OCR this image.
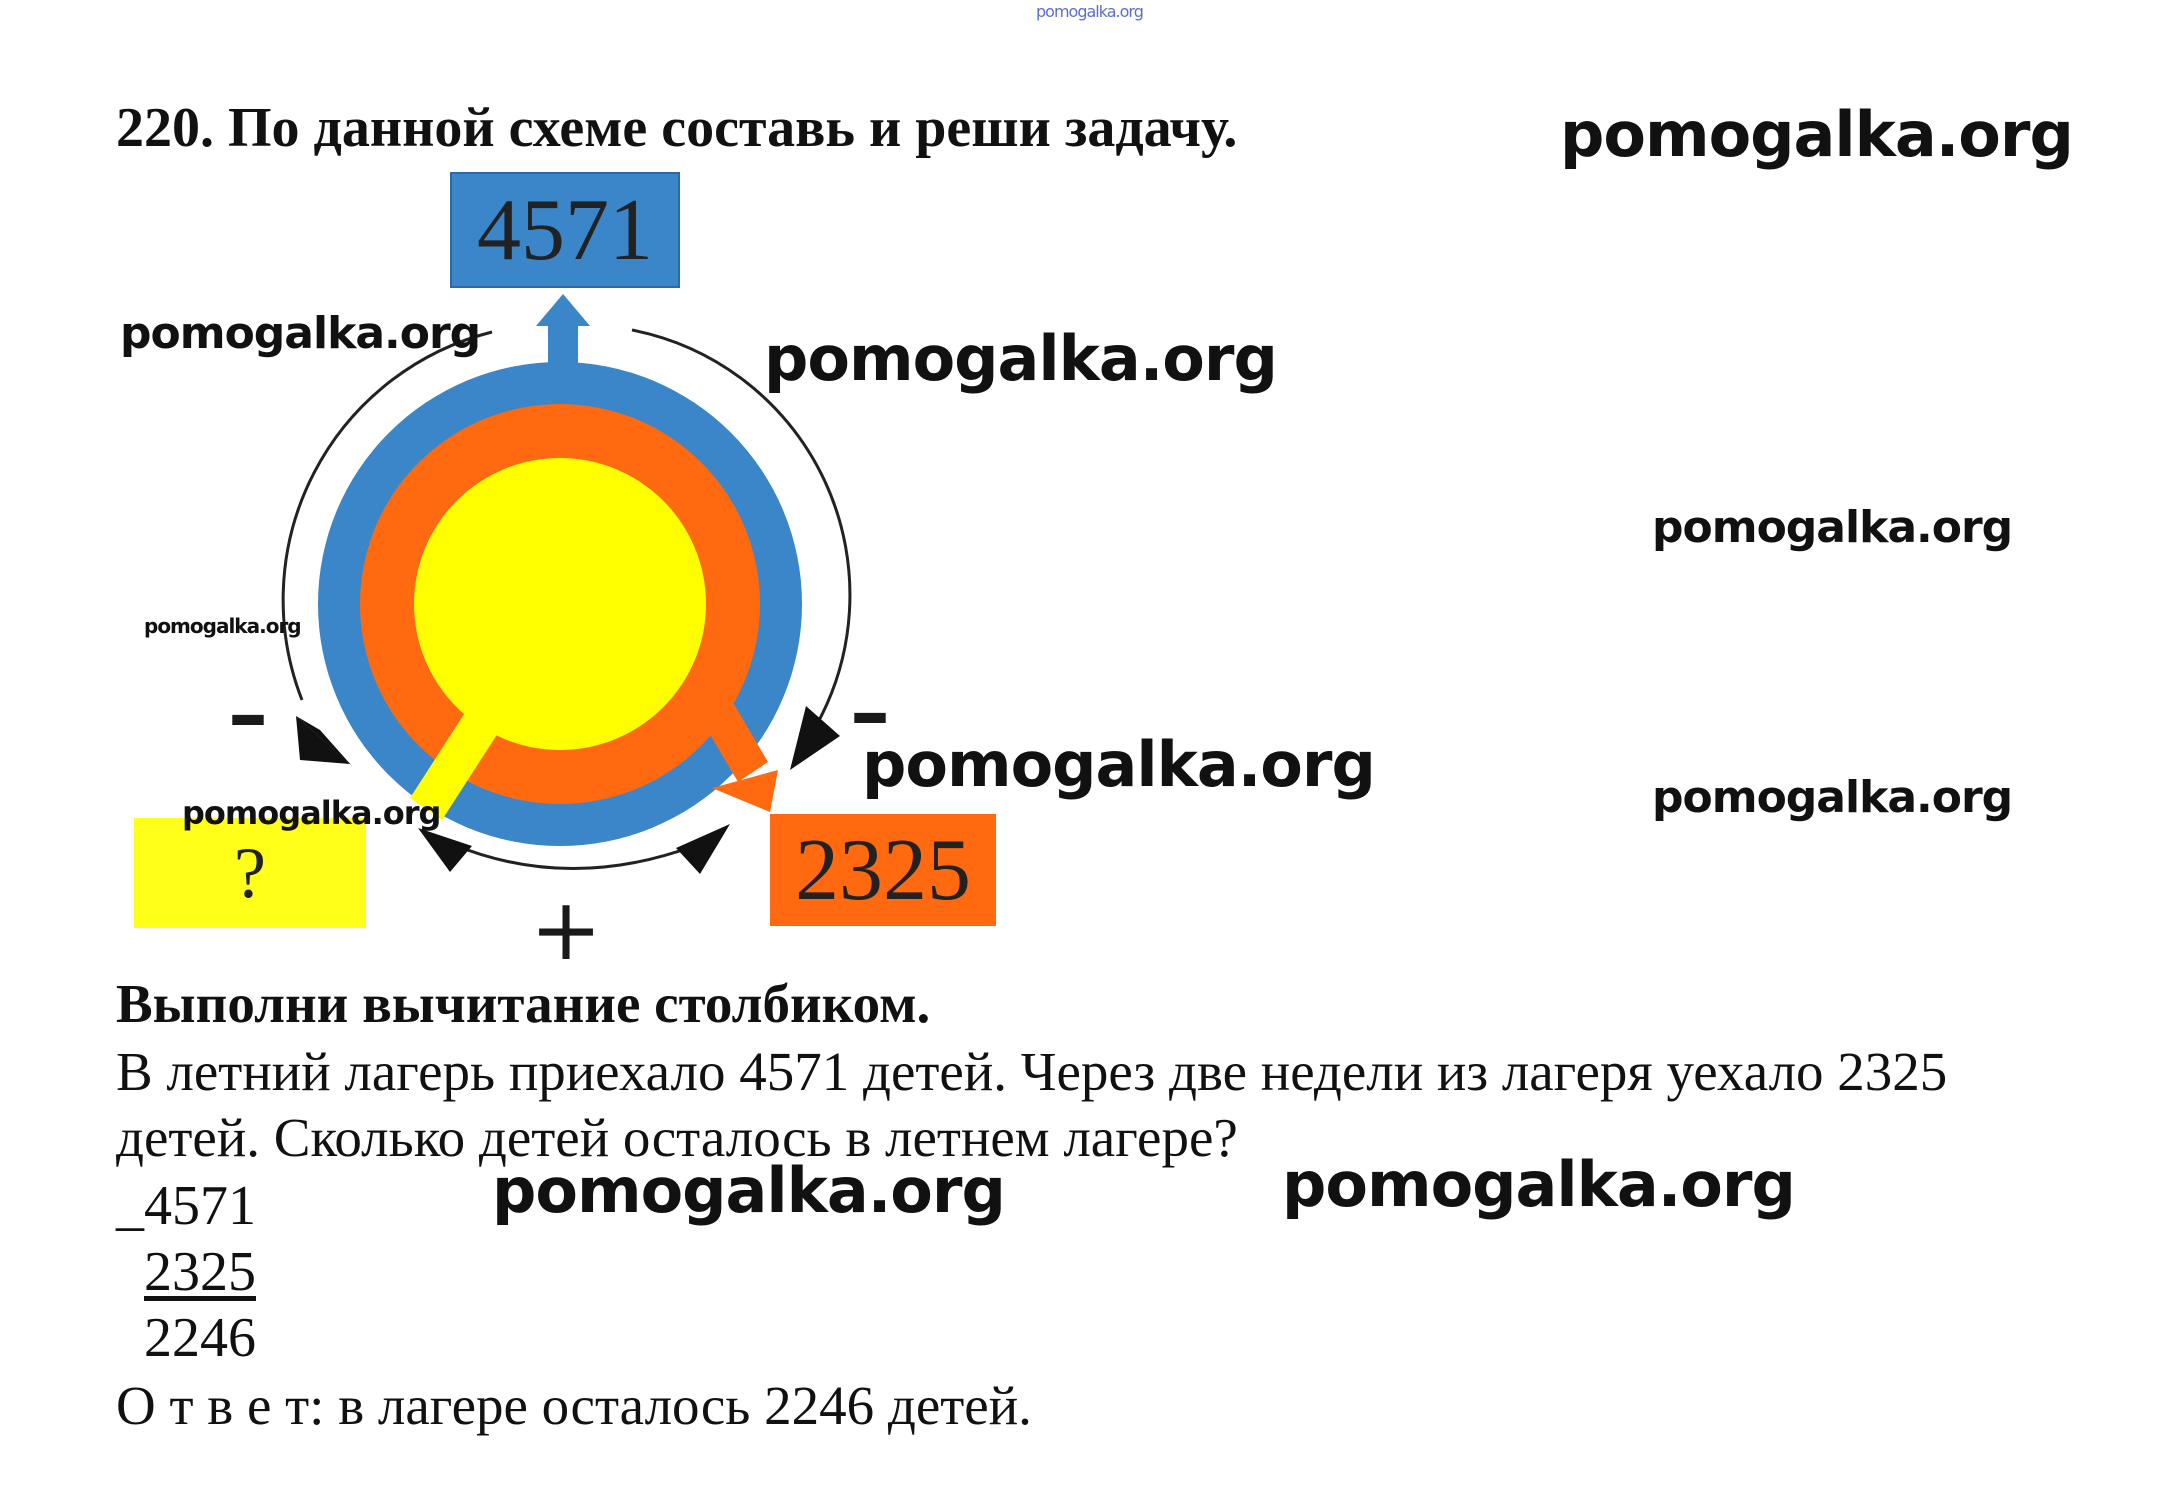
pomogalka.org
220. По данной схеме составь и реши задачу.
4571
2325
?
–	–
+
pomogalka.org
pomogalka.org	pomogalka.org
pomogalka.org
pomogalka.org
pomogalka.org	pomogalka.org
pomogalka.org
pomogalka.org	pomogalka.org
Выполни вычитание столбиком.
В летний лагерь приехало 4571 детей. Через две недели из лагеря уехало 2325
детей. Сколько детей осталось в летнем лагере?
_4571
2325
2246
О т в е т: в лагере осталось 2246 детей.
